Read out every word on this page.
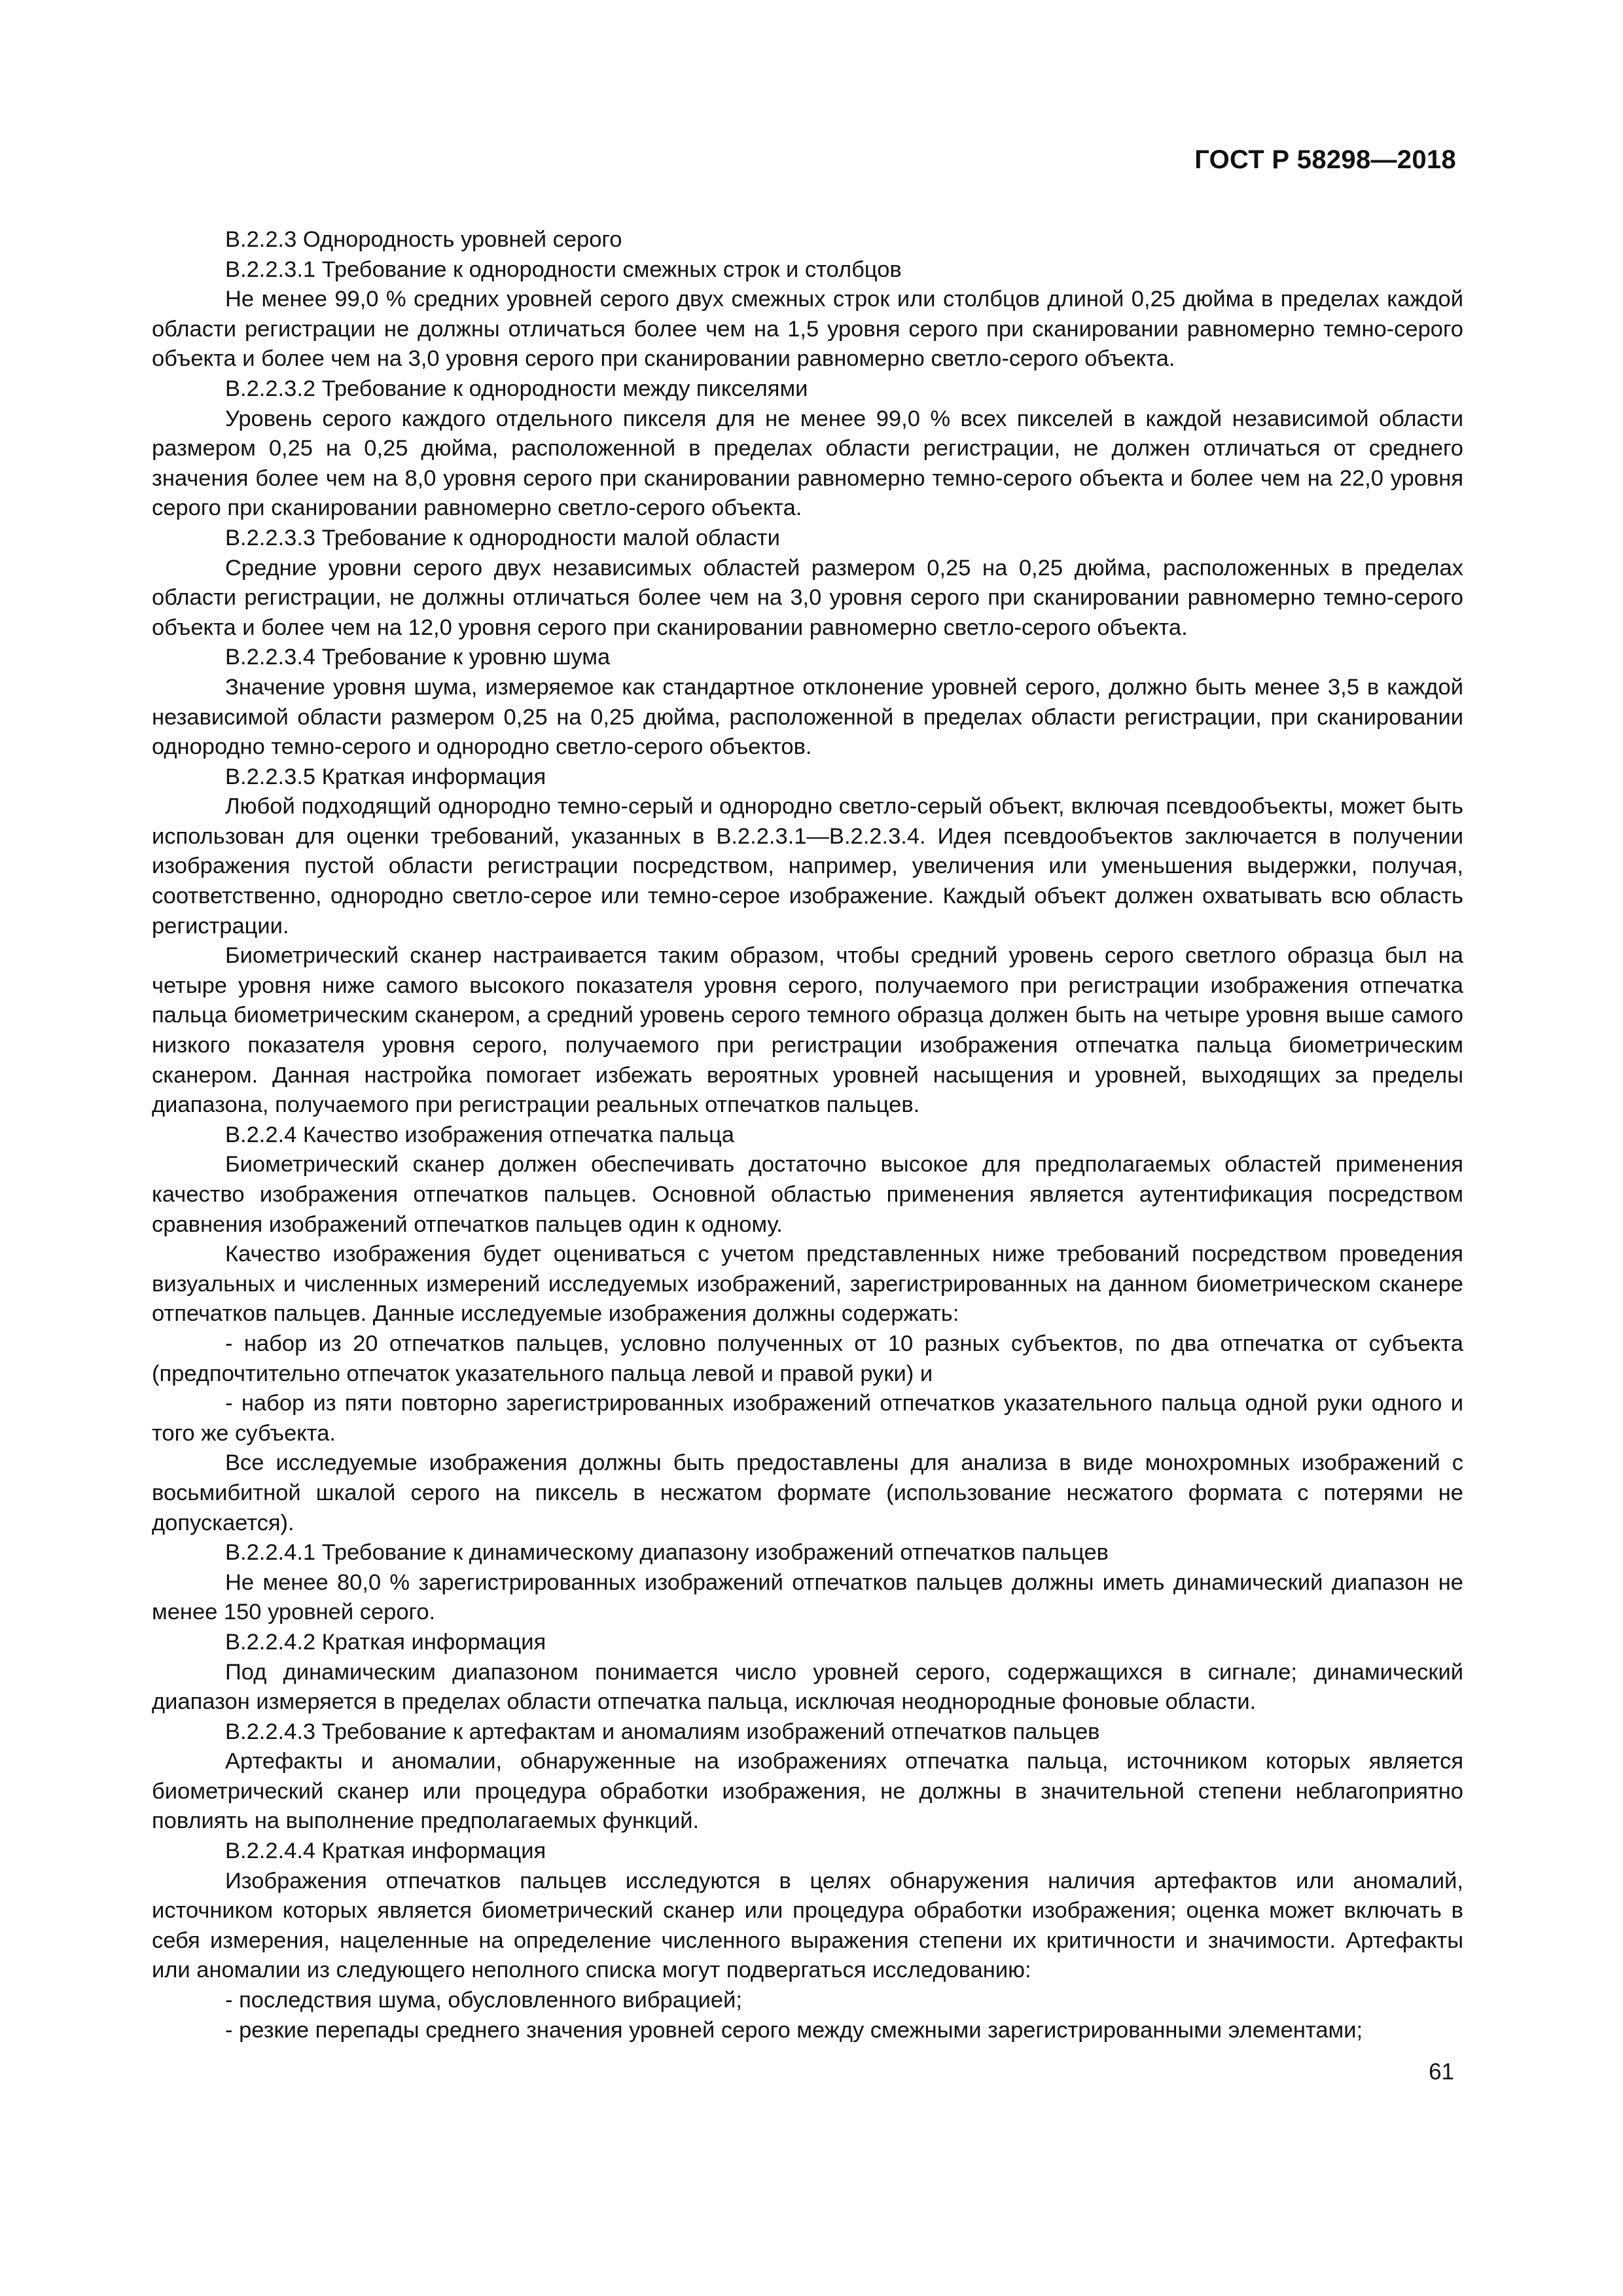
ГОСТ Р 58298—2018

В.2.2.3 Однородность уровней серого

В.2.2.3.1 Требование к однородности смежных строк и столбцов

Не менее 99,0 % средних уровней серого двух смежных строк или столбцов длиной 0,25 дюйма в пределах каждой области регистрации не должны отличаться более чем на 1,5 уровня серого при сканировании равномерно темно-серого объекта и более чем на 3,0 уровня серого при сканировании равномерно светло-серого объекта.

В.2.2.3.2 Требование к однородности между пикселями

Уровень серого каждого отдельного пикселя для не менее 99,0 % всех пикселей в каждой независимой области размером 0,25 на 0,25 дюйма, расположенной в пределах области регистрации, не должен отличаться от среднего значения более чем на 8,0 уровня серого при сканировании равномерно темно-серого объекта и более чем на 22,0 уровня серого при сканировании равномерно светло-серого объекта.

В.2.2.3.3 Требование к однородности малой области

Средние уровни серого двух независимых областей размером 0,25 на 0,25 дюйма, расположенных в пределах области регистрации, не должны отличаться более чем на 3,0 уровня серого при сканировании равномерно темно-серого объекта и более чем на 12,0 уровня серого при сканировании равномерно светло-серого объекта.

В.2.2.3.4 Требование к уровню шума

Значение уровня шума, измеряемое как стандартное отклонение уровней серого, должно быть менее 3,5 в каждой независимой области размером 0,25 на 0,25 дюйма, расположенной в пределах области регистрации, при сканировании однородно темно-серого и однородно светло-серого объектов.

В.2.2.3.5 Краткая информация

Любой подходящий однородно темно-серый и однородно светло-серый объект, включая псевдообъекты, может быть использован для оценки требований, указанных в В.2.2.3.1—В.2.2.3.4. Идея псевдообъектов заключается в получении изображения пустой области регистрации посредством, например, увеличения или уменьшения выдержки, получая, соответственно, однородно светло-серое или темно-серое изображение. Каждый объект должен охватывать всю область регистрации.

Биометрический сканер настраивается таким образом, чтобы средний уровень серого светлого образца был на четыре уровня ниже самого высокого показателя уровня серого, получаемого при регистрации изображения отпечатка пальца биометрическим сканером, а средний уровень серого темного образца должен быть на четыре уровня выше самого низкого показателя уровня серого, получаемого при регистрации изображения отпечатка пальца биометрическим сканером. Данная настройка помогает избежать вероятных уровней насыщения и уровней, выходящих за пределы диапазона, получаемого при регистрации реальных отпечатков пальцев.

В.2.2.4 Качество изображения отпечатка пальца

Биометрический сканер должен обеспечивать достаточно высокое для предполагаемых областей применения качество изображения отпечатков пальцев. Основной областью применения является аутентификация посредством сравнения изображений отпечатков пальцев один к одному.

Качество изображения будет оцениваться с учетом представленных ниже требований посредством проведения визуальных и численных измерений исследуемых изображений, зарегистрированных на данном биометрическом сканере отпечатков пальцев. Данные исследуемые изображения должны содержать:

- набор из 20 отпечатков пальцев, условно полученных от 10 разных субъектов, по два отпечатка от субъекта (предпочтительно отпечаток указательного пальца левой и правой руки) и

- набор из пяти повторно зарегистрированных изображений отпечатков указательного пальца одной руки одного и того же субъекта.

Все исследуемые изображения должны быть предоставлены для анализа в виде монохромных изображений с восьмибитной шкалой серого на пиксель в несжатом формате (использование несжатого формата с потерями не допускается).

В.2.2.4.1 Требование к динамическому диапазону изображений отпечатков пальцев

Не менее 80,0 % зарегистрированных изображений отпечатков пальцев должны иметь динамический диапазон не менее 150 уровней серого.

В.2.2.4.2 Краткая информация

Под динамическим диапазоном понимается число уровней серого, содержащихся в сигнале; динамический диапазон измеряется в пределах области отпечатка пальца, исключая неоднородные фоновые области.

В.2.2.4.3 Требование к артефактам и аномалиям изображений отпечатков пальцев

Артефакты и аномалии, обнаруженные на изображениях отпечатка пальца, источником которых является биометрический сканер или процедура обработки изображения, не должны в значительной степени неблагоприятно повлиять на выполнение предполагаемых функций.

В.2.2.4.4 Краткая информация

Изображения отпечатков пальцев исследуются в целях обнаружения наличия артефактов или аномалий, источником которых является биометрический сканер или процедура обработки изображения; оценка может включать в себя измерения, нацеленные на определение численного выражения степени их критичности и значимости. Артефакты или аномалии из следующего неполного списка могут подвергаться исследованию:

- последствия шума, обусловленного вибрацией;

- резкие перепады среднего значения уровней серого между смежными зарегистрированными элементами;

61
